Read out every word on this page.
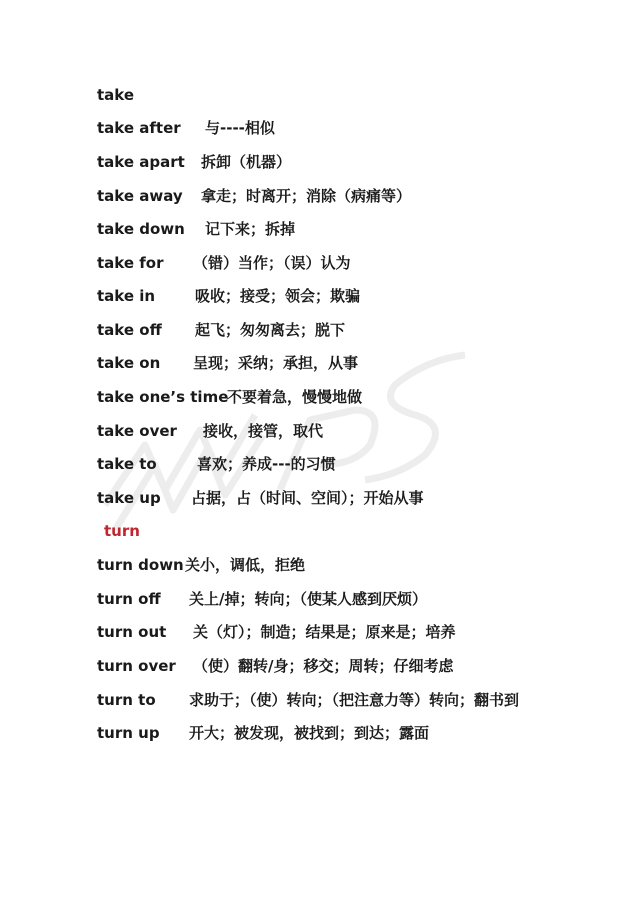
take
take after 与----相似
take apart 拆卸（机器）
take away 拿走；时离开；消除（病痛等）
take down 记下来；拆掉
take for （错）当作；（误）认为
take in	吸收；接受；领会；欺骗
take off 起飞；匆匆离去；脱下
take on 呈现；采纳；承担，从事
take one’s time
不要着急，慢慢地做
take over 接收，接管，取代
take to	喜欢；养成---的习惯
take up 占据，占（时间、空间）；开始从事
turn
turn down 关小，调低，拒绝
turn off 关上/掉；转向；（使某人感到厌烦）
turn out 关（灯）；制造；结果是；原来是；培养
turn over （使）翻转/身；移交；周转；仔细考虑
turn to 求助于；（使）转向；（把注意力等）转向；翻书到
turn up 开大；被发现，被找到；到达；露面
